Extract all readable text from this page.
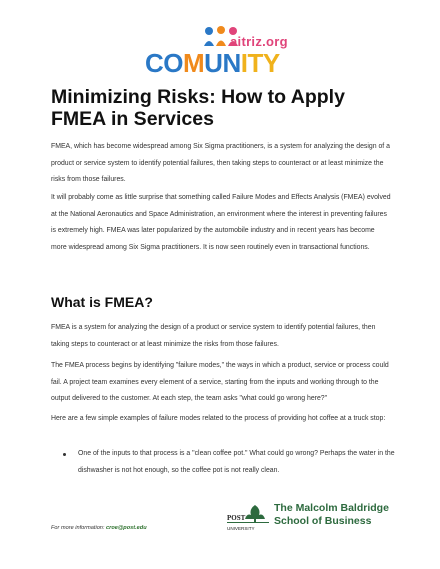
aitriz.org
COMUNITY
Minimizing Risks: How to Apply FMEA in Services

FMEA, which has become widespread among Six Sigma practitioners, is a system for analyzing the design of a product or service system to identify potential failures, then taking steps to counteract or at least minimize the risks from those failures.

It will probably come as little surprise that something called Failure Modes and Effects Analysis (FMEA) evolved at the National Aeronautics and Space Administration, an environment where the interest in preventing failures is extremely high. FMEA was later popularized by the automobile industry and in recent years has become more widespread among Six Sigma practitioners. It is now seen routinely even in transactional functions.

What is FMEA?

FMEA is a system for analyzing the design of a product or service system to identify potential failures, then taking steps to counteract or at least minimize the risks from those failures.

The FMEA process begins by identifying "failure modes," the ways in which a product, service or process could fail. A project team examines every element of a service, starting from the inputs and working through to the output delivered to the customer. At each step, the team asks "what could go wrong here?"

Here are a few simple examples of failure modes related to the process of providing hot coffee at a truck stop:

One of the inputs to that process is a "clean coffee pot." What could go wrong? Perhaps the water in the dishwasher is not hot enough, so the coffee pot is not really clean.

For more information: croe@post.edu
POST
UNIVERSITY
The Malcolm Baldridge
School of Business
